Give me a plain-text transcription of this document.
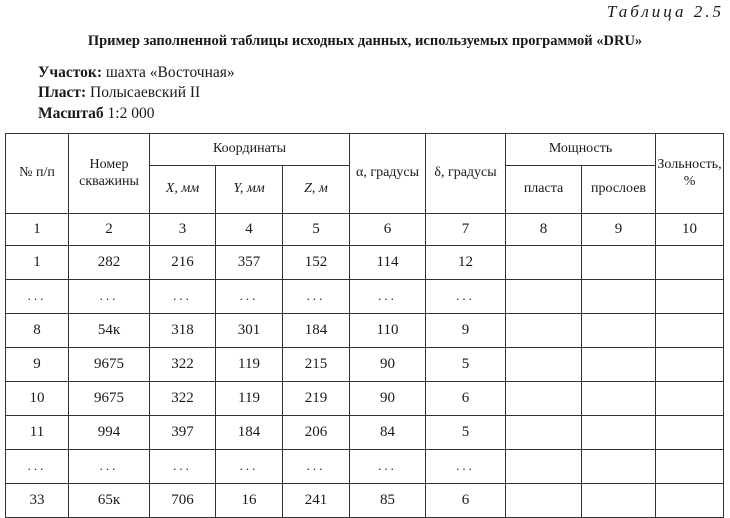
Таблица 2.5
Пример заполненной таблицы исходных данных, используемых программой «DRU»
Участок: шахта «Восточная»
Пласт: Полысаевский II
Масштаб 1:2 000
№ п/п	Номер скважины	Координаты			α, градусы	δ, градусы	Мощность		Зольность, %
		X, мм	Y, мм	Z, м			пласта	прослоев	
1	2	3	4	5	6	7	8	9	10
1	282	216	357	152	114	12			
...	...	...	...	...	...	...			
8	54к	318	301	184	110	9			
9	9675	322	119	215	90	5			
10	9675	322	119	219	90	6			
11	994	397	184	206	84	5			
...	...	...	...	...	...	...			
33	65к	706	16	241	85	6			
